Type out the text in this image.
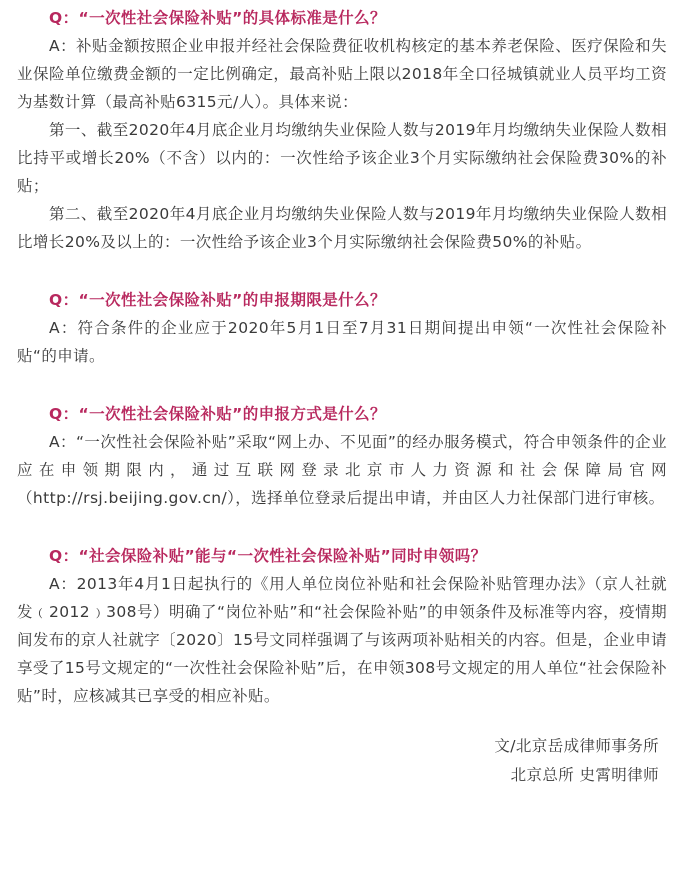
Q：“一次性社会保险补贴”的具体标准是什么？

A：补贴金额按照企业申报并经社会保险费征收机构核定的基本养老保险、医疗保险和失业保险单位缴费金额的一定比例确定，最高补贴上限以2018年全口径城镇就业人员平均工资为基数计算（最高补贴6315元/人）。具体来说：

第一、截至2020年4月底企业月均缴纳失业保险人数与2019年月均缴纳失业保险人数相比持平或增长20%（不含）以内的：一次性给予该企业3个月实际缴纳社会保险费30%的补贴；

第二、截至2020年4月底企业月均缴纳失业保险人数与2019年月均缴纳失业保险人数相比增长20%及以上的：一次性给予该企业3个月实际缴纳社会保险费50%的补贴。

Q：“一次性社会保险补贴”的申报期限是什么？

A：符合条件的企业应于2020年5月1日至7月31日期间提出申领“一次性社会保险补贴“的申请。

Q：“一次性社会保险补贴”的申报方式是什么？

A：“一次性社会保险补贴”采取“网上办、不见面”的经办服务模式，符合申领条件的企业应在申领期限内，通过互联网登录北京市人力资源和社会保障局官网（http://rsj.beijing.gov.cn/），选择单位登录后提出申请，并由区人力社保部门进行审核。

Q：“社会保险补贴”能与“一次性社会保险补贴”同时申领吗？

A：2013年4月1日起执行的《用人单位岗位补贴和社会保险补贴管理办法》（京人社就发﹙2012﹚308号）明确了“岗位补贴”和“社会保险补贴”的申领条件及标准等内容，疫情期间发布的京人社就字〔2020〕15号文同样强调了与该两项补贴相关的内容。但是，企业申请享受了15号文规定的“一次性社会保险补贴”后，在申领308号文规定的用人单位“社会保险补贴”时，应核减其已享受的相应补贴。

文/北京岳成律师事务所
北京总所 史霄明律师
